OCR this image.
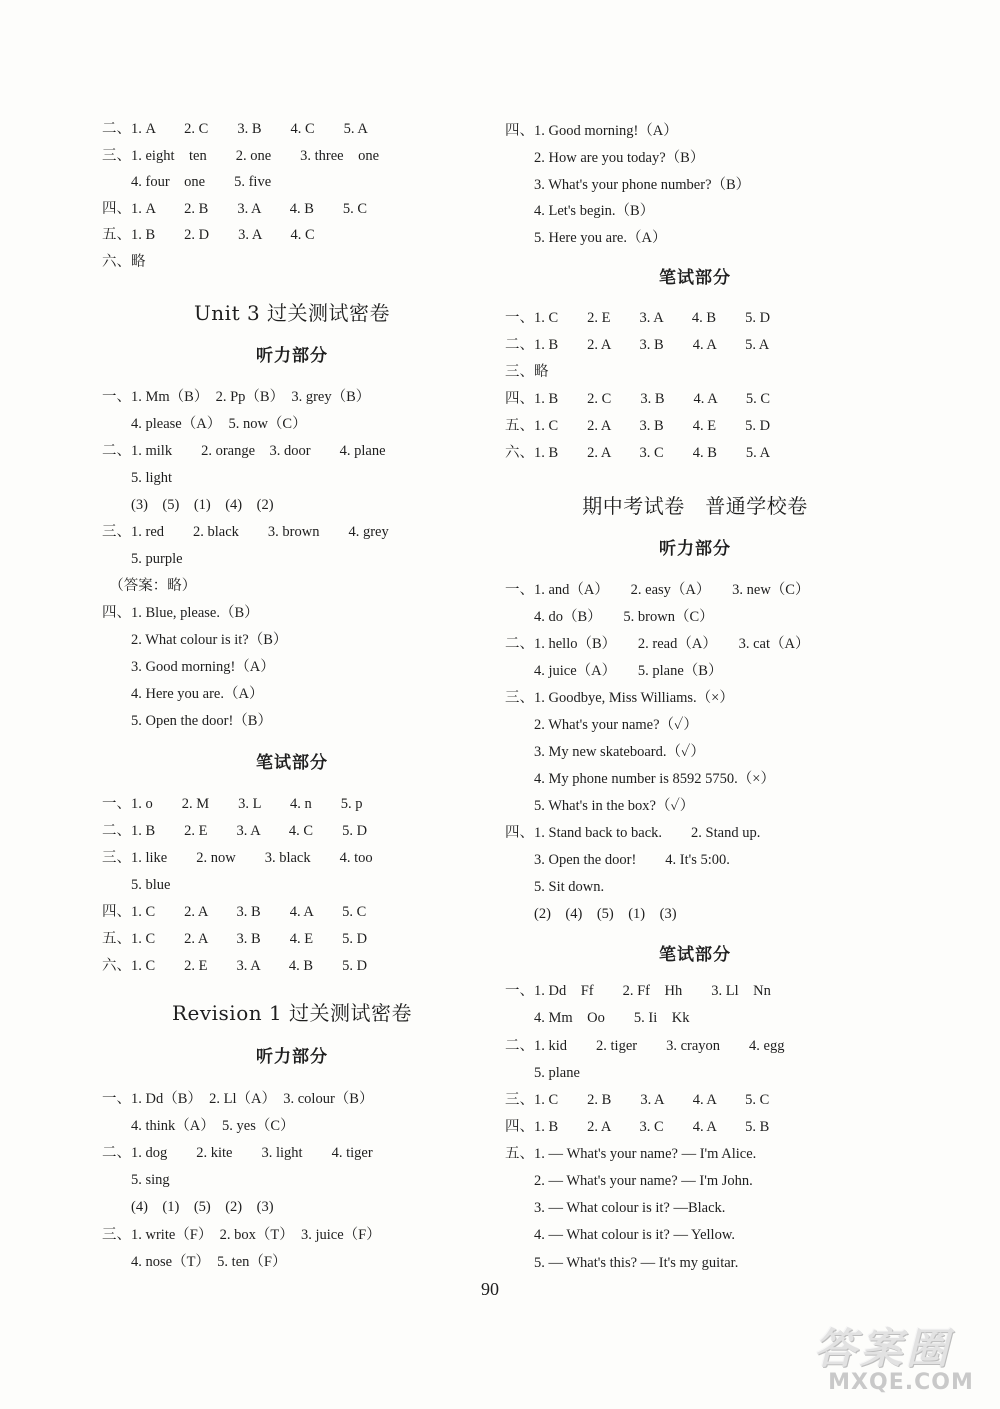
二、1. A　　2. C　　3. B　　4. C　　5. A
三、1. eight　ten　　2. one　　3. three　one
　　4. four　one　　5. five
四、1. A　　2. B　　3. A　　4. B　　5. C
五、1. B　　2. D　　3. A　　4. C
六、略
Unit 3 过关测试密卷
听力部分
一、1. Mm（B）　2. Pp（B）　3. grey（B）
　　4. please（A）　5. now（C）
二、1. milk　　2. orange　3. door　　4. plane
　　5. light
　　(3)　(5)　(1)　(4)　(2)
三、1. red　　2. black　　3. brown　　4. grey
　　5. purple
　（答案：略）
四、1. Blue, please.（B）
　　2. What colour is it?（B）
　　3. Good morning!（A）
　　4. Here you are.（A）
　　5. Open the door!（B）
笔试部分
一、1. o　　2. M　　3. L　　4. n　　5. p
二、1. B　　2. E　　3. A　　4. C　　5. D
三、1. like　　2. now　　3. black　　4. too
　　5. blue
四、1. C　　2. A　　3. B　　4. A　　5. C
五、1. C　　2. A　　3. B　　4. E　　5. D
六、1. C　　2. E　　3. A　　4. B　　5. D
Revision 1 过关测试密卷
听力部分
一、1. Dd（B）　2. Ll（A）　3. colour（B）
　　4. think（A）　5. yes（C）
二、1. dog　　2. kite　　3. light　　4. tiger
　　5. sing
　　(4)　(1)　(5)　(2)　(3)
三、1. write（F）　2. box（T）　3. juice（F）
　　4. nose（T）　5. ten（F）
四、1. Good morning!（A）
　　2. How are you today?（B）
　　3. What's your phone number?（B）
　　4. Let's begin.（B）
　　5. Here you are.（A）
笔试部分
一、1. C　　2. E　　3. A　　4. B　　5. D
二、1. B　　2. A　　3. B　　4. A　　5. A
三、略
四、1. B　　2. C　　3. B　　4. A　　5. C
五、1. C　　2. A　　3. B　　4. E　　5. D
六、1. B　　2. A　　3. C　　4. B　　5. A
期中考试卷　普通学校卷
听力部分
一、1. and（A）　　2. easy（A）　　3. new（C）
　　4. do（B）　　5. brown（C）
二、1. hello（B）　　2. read（A）　　3. cat（A）
　　4. juice（A）　　5. plane（B）
三、1. Goodbye, Miss Williams.（×）
　　2. What's your name?（✓）
　　3. My new skateboard.（✓）
　　4. My phone number is 8592 5750.（×）
　　5. What's in the box?（✓）
四、1. Stand back to back.　　2. Stand up.
　　3. Open the door!　　4. It's 5:00.
　　5. Sit down.
　　(2)　(4)　(5)　(1)　(3)
笔试部分
一、1. Dd　Ff　　2. Ff　Hh　　3. Ll　Nn
　　4. Mm　Oo　　5. Ii　Kk
二、1. kid　　2. tiger　　3. crayon　　4. egg
　　5. plane
三、1. C　　2. B　　3. A　　4. A　　5. C
四、1. B　　2. A　　3. C　　4. A　　5. B
五、1. — What's your name? — I'm Alice.
　　2. — What's your name? — I'm John.
　　3. — What colour is it? —Black.
　　4. — What colour is it? — Yellow.
　　5. — What's this? — It's my guitar.
90
答案圈
MXQE.COM
